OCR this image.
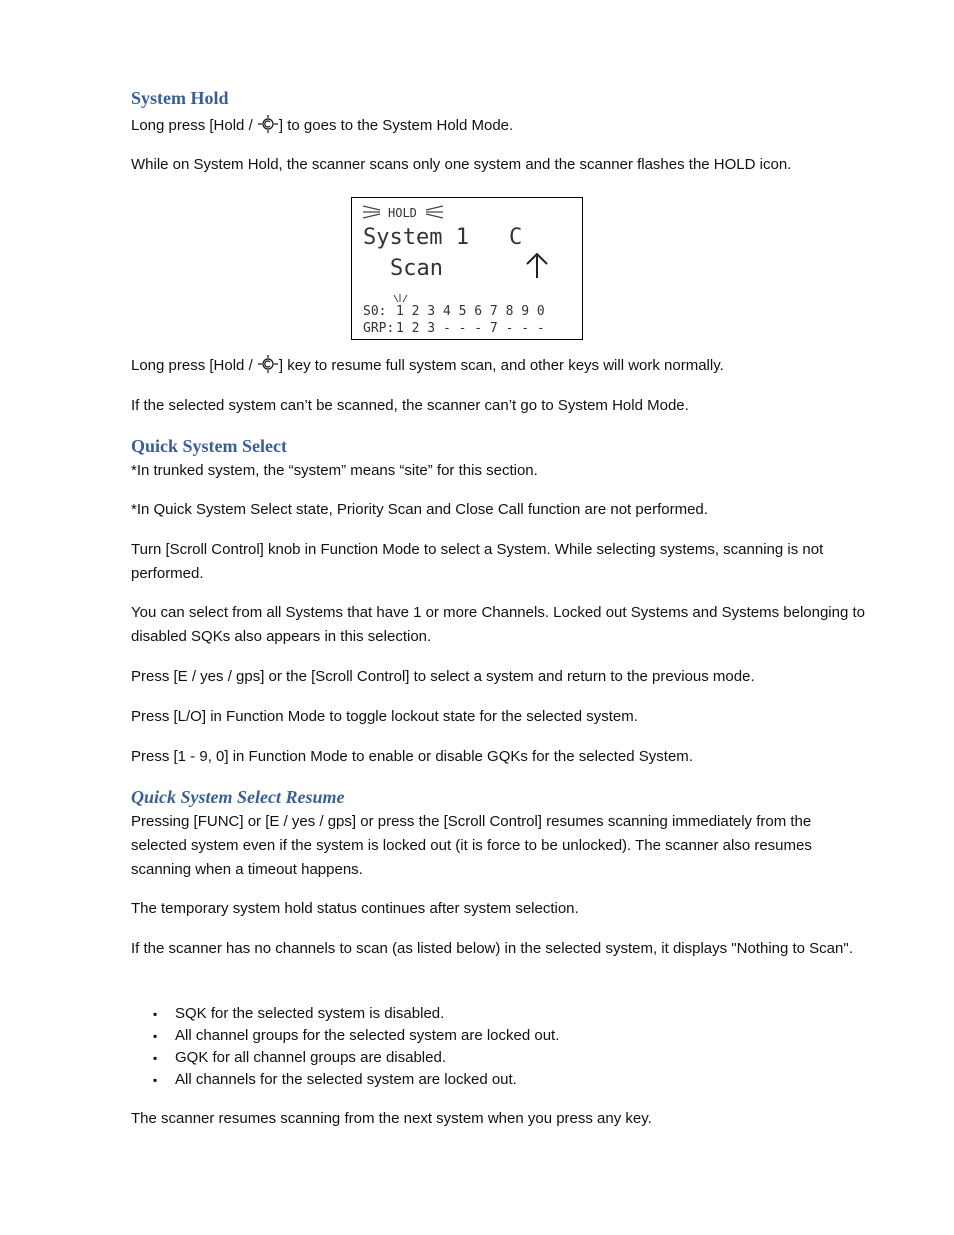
System Hold

Long press [Hold / ] to goes to the System Hold Mode.

While on System Hold, the scanner scans only one system and the scanner flashes the HOLD icon.

HOLD
System 1 C
Scan
S0: 1 2 3 4 5 6 7 8 9 0
GRP: 1 2 3 - - - 7 - - -

Long press [Hold / ] key to resume full system scan, and other keys will work normally.

If the selected system can’t be scanned, the scanner can’t go to System Hold Mode.

Quick System Select

*In trunked system, the “system” means “site” for this section.

*In Quick System Select state, Priority Scan and Close Call function are not performed.

Turn [Scroll Control] knob in Function Mode to select a System. While selecting systems, scanning is not performed.

You can select from all Systems that have 1 or more Channels. Locked out Systems and Systems belonging to disabled SQKs also appears in this selection.

Press [E / yes / gps] or the [Scroll Control] to select a system and return to the previous mode.

Press [L/O] in Function Mode to toggle lockout state for the selected system.

Press [1 - 9, 0] in Function Mode to enable or disable GQKs for the selected System.

Quick System Select Resume

Pressing [FUNC] or [E / yes / gps] or press the [Scroll Control] resumes scanning immediately from the selected system even if the system is locked out (it is force to be unlocked). The scanner also resumes scanning when a timeout happens.

The temporary system hold status continues after system selection.

If the scanner has no channels to scan (as listed below) in the selected system, it displays "Nothing to Scan".

▪ SQK for the selected system is disabled.
▪ All channel groups for the selected system are locked out.
▪ GQK for all channel groups are disabled.
▪ All channels for the selected system are locked out.

The scanner resumes scanning from the next system when you press any key.
